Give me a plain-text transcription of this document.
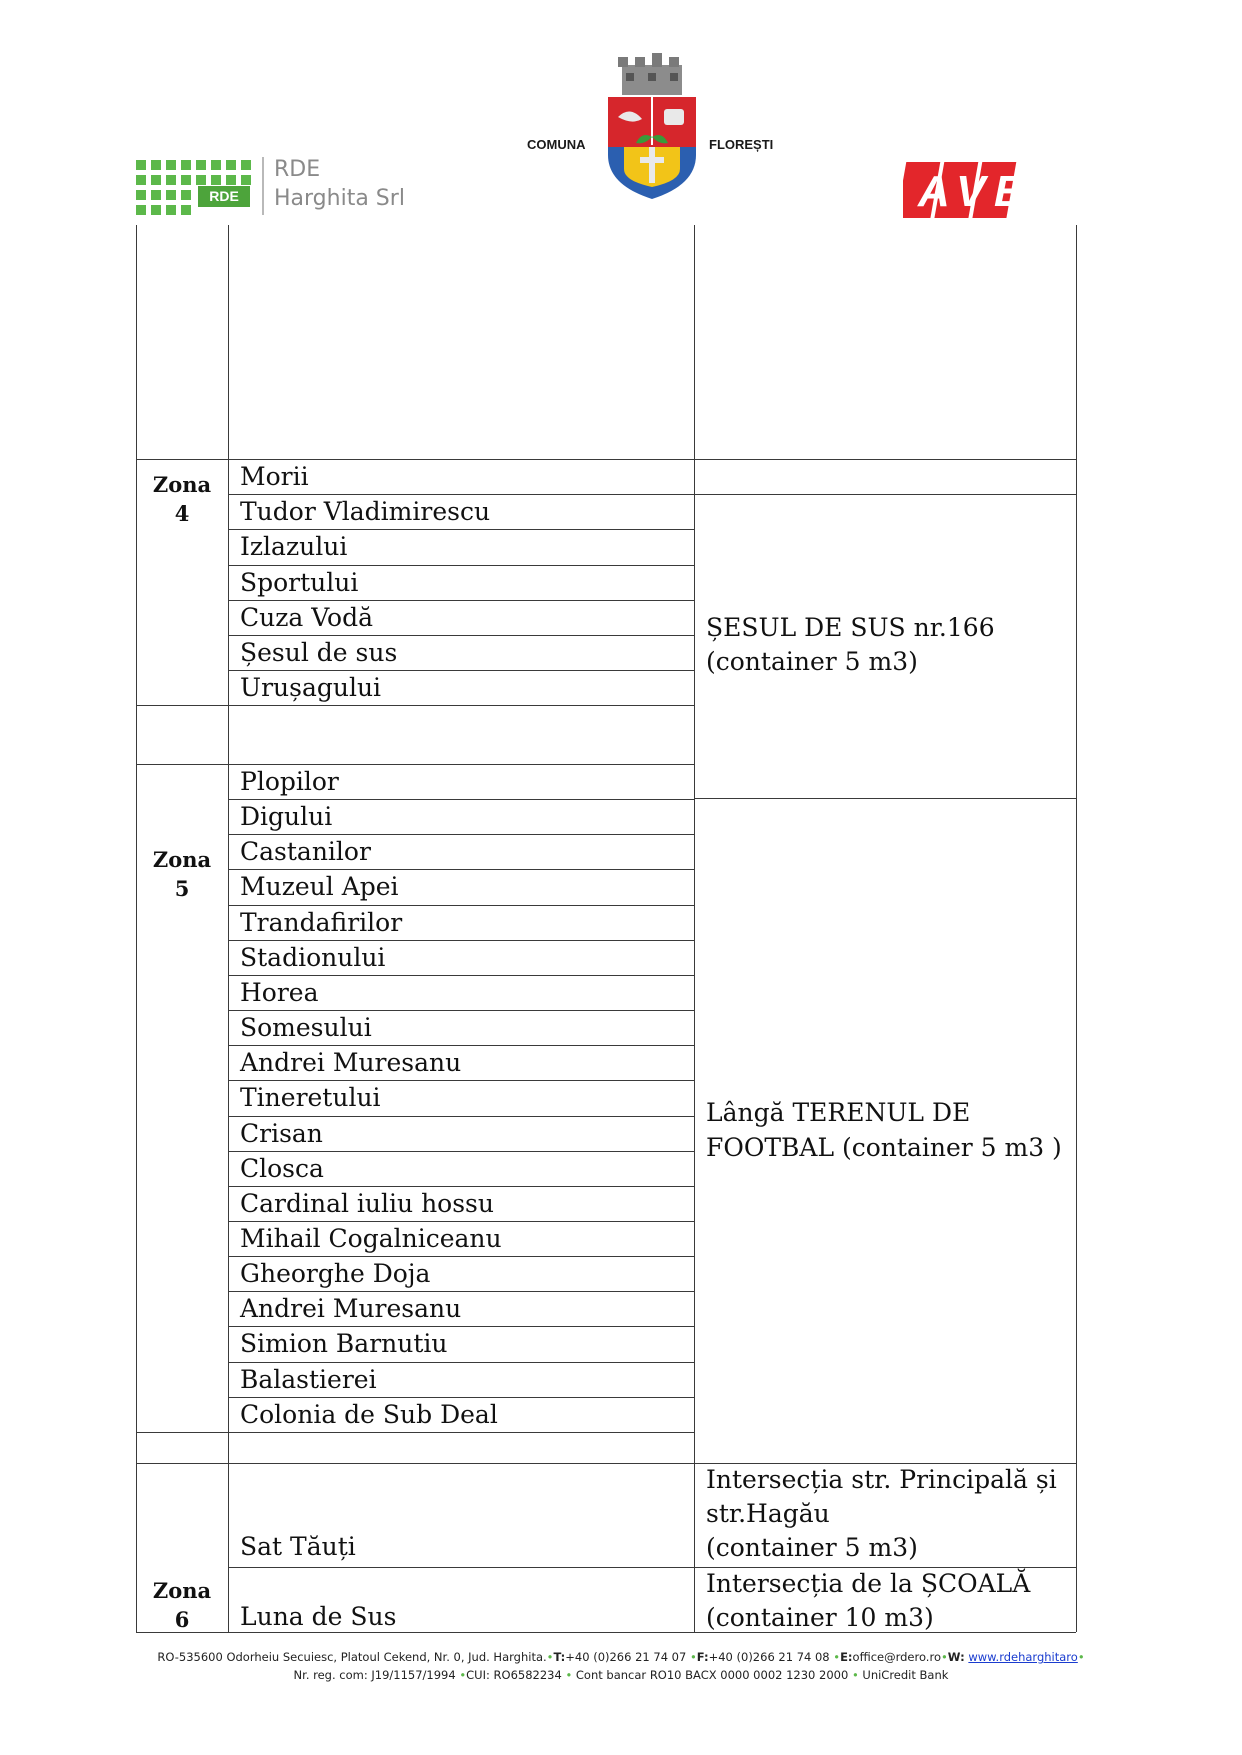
RDE
RDE
Harghita Srl
COMUNA	FLOREȘTI
A V E
Morii
Tudor Vladimirescu
Izlazului
Sportului
Cuza Vodă
Șesul de sus
Urușagului
Zona
4
ȘESUL DE SUS nr.166
(container 5 m3)
Plopilor
Digului
Castanilor
Muzeul Apei
Trandafirilor
Stadionului
Horea
Somesului
Andrei Muresanu
Tineretului
Crisan
Closca
Cardinal iuliu hossu
Mihail Cogalniceanu
Gheorghe Doja
Andrei Muresanu
Simion Barnutiu
Balastierei
Colonia de Sub Deal
Zona
5
Lângă TERENUL DE
FOOTBAL (container 5 m3 )
Sat Tăuți
Luna de Sus
Zona
6
Intersecția str. Principală și
str.Hagău
(container 5 m3)
Intersecția de la ȘCOALĂ
(container 10 m3)
RO-535600 Odorheiu Secuiesc, Platoul Cekend, Nr. 0, Jud. Harghita.•T:+40 (0)266 21 74 07 •F:+40 (0)266 21 74 08 •E:office@rdero.ro•W: www.rdeharghitaro•
Nr. reg. com: J19/1157/1994 •CUI: RO6582234 • Cont bancar RO10 BACX 0000 0002 1230 2000 • UniCredit Bank
